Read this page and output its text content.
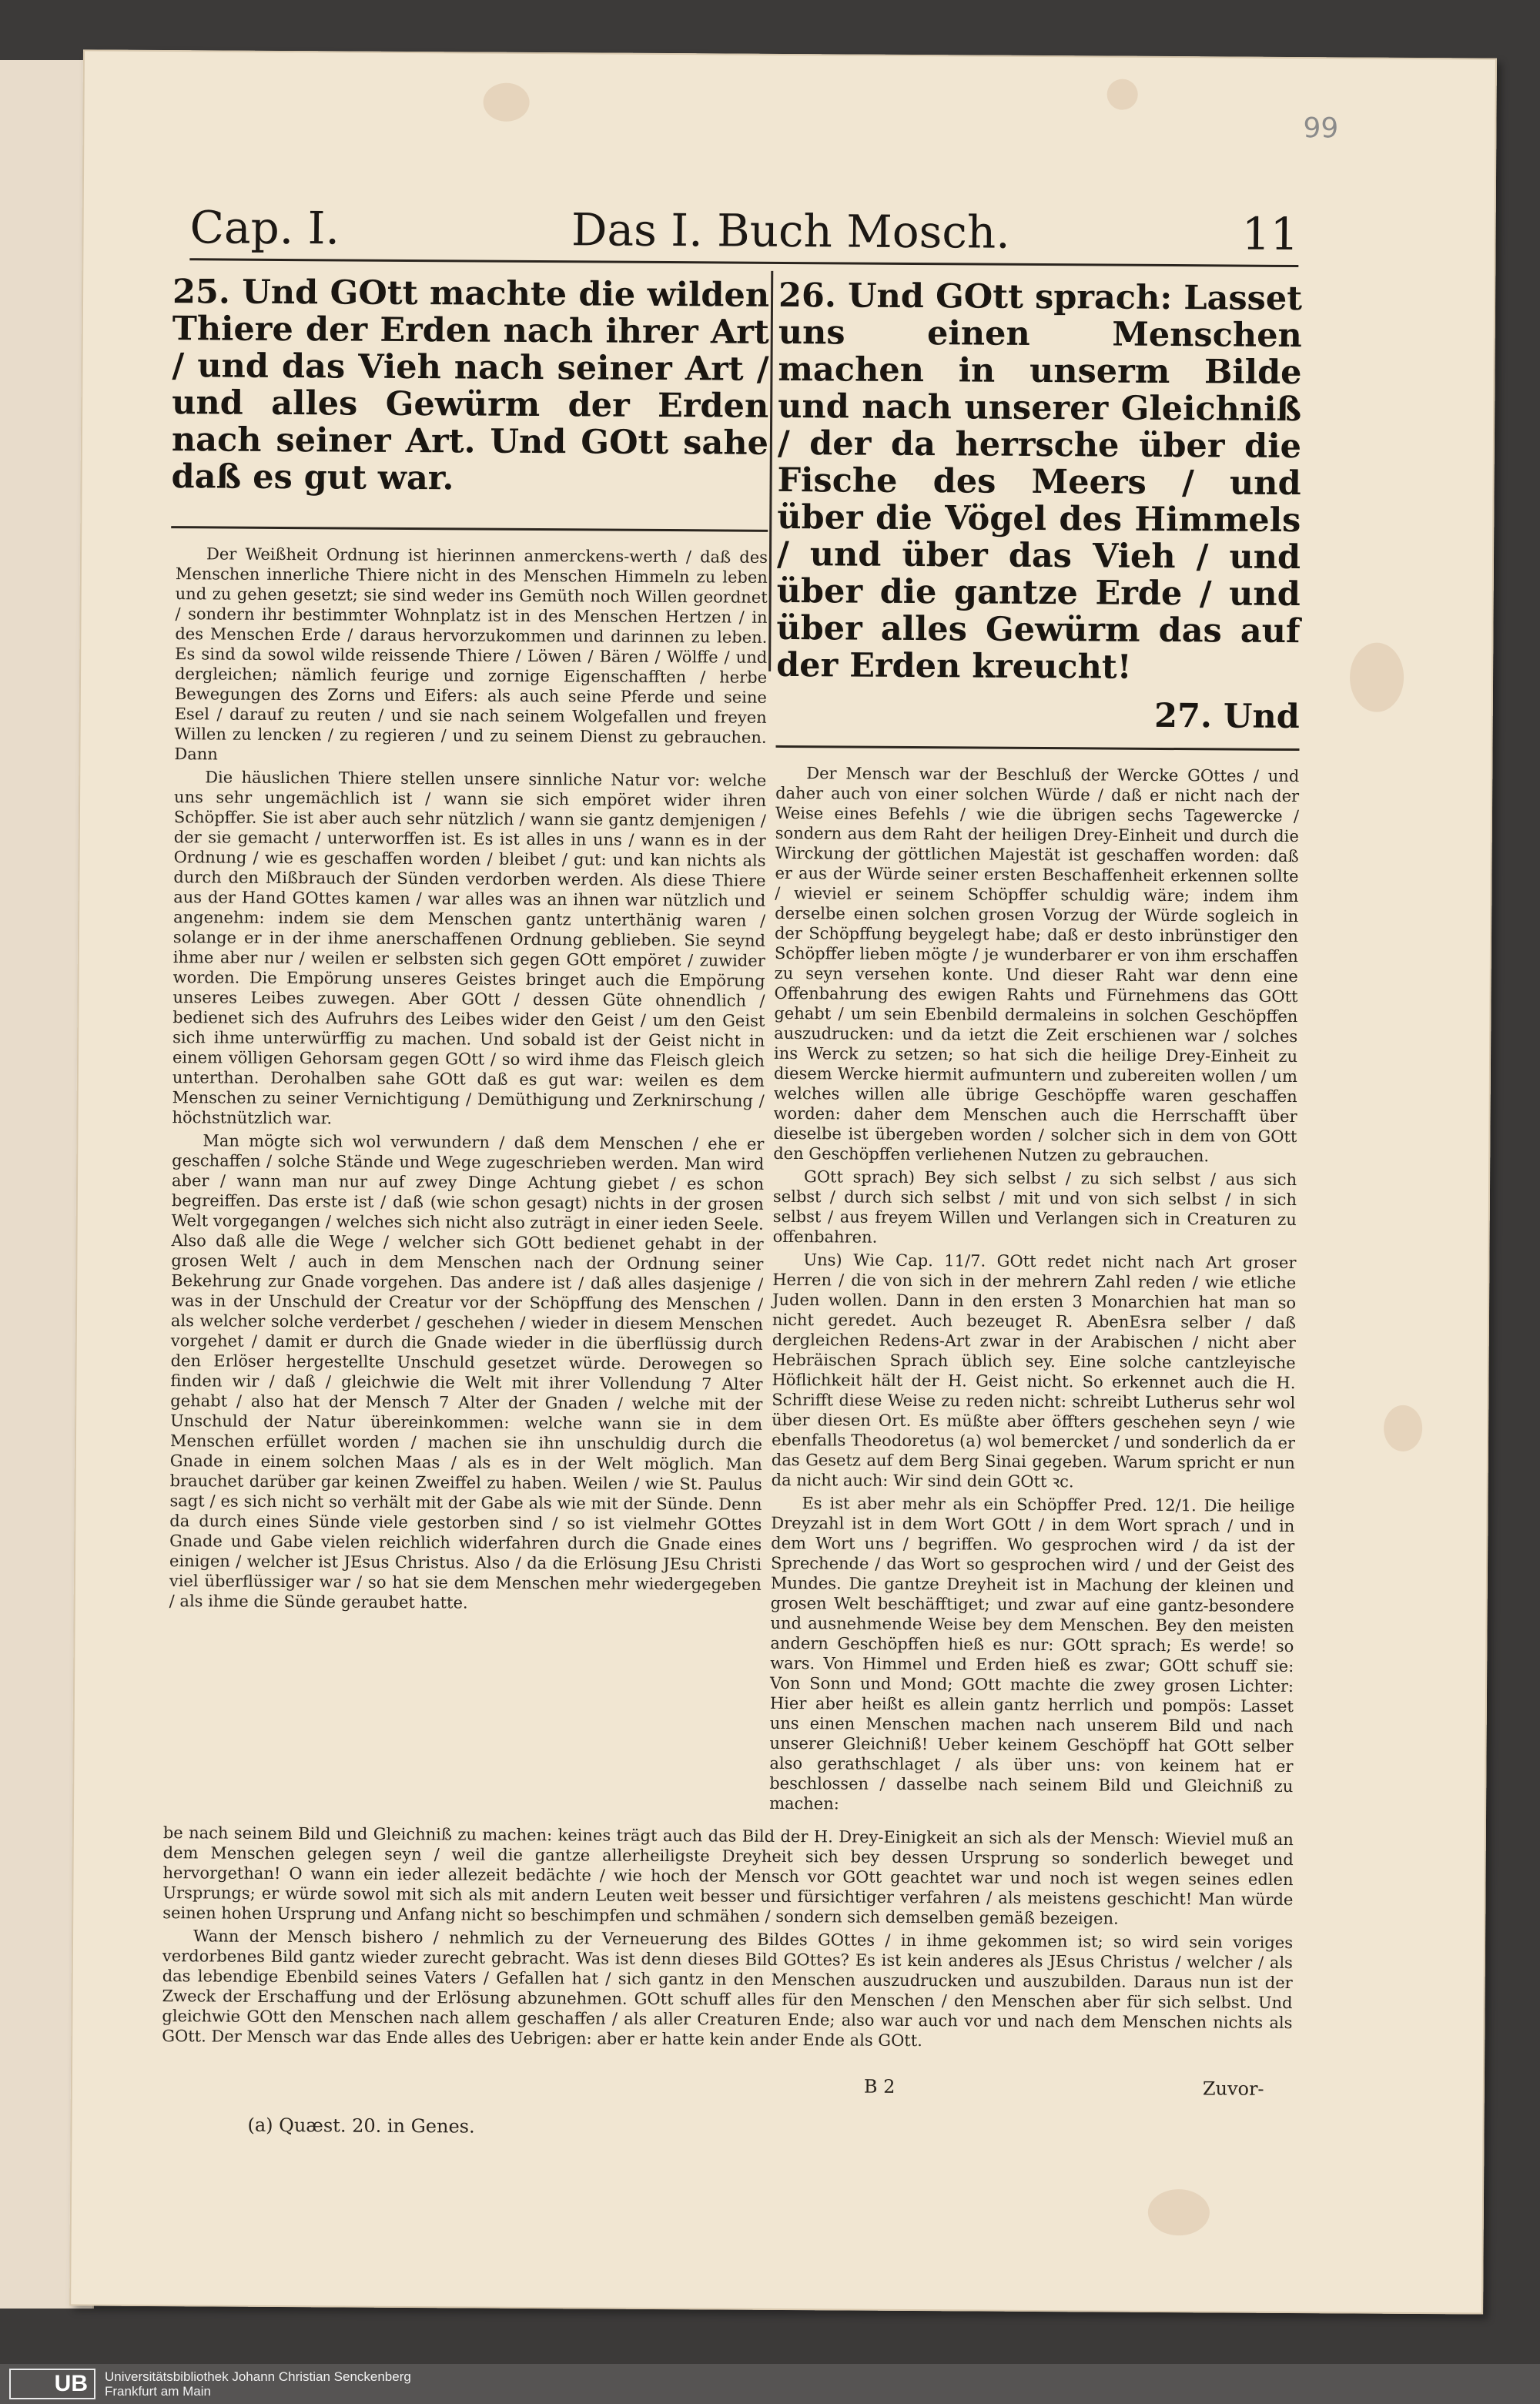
99
Cap. I.	Das I. Buch Mosch.	11

25. Und GOtt machte die wilden Thiere der Erden nach ihrer Art / und das Vieh nach seiner Art / und alles Gewürm der Erden nach seiner Art. Und GOtt sahe daß es gut war.

Der Weißheit Ordnung ist hierinnen anmerckens-werth / daß des Menschen innerliche Thiere nicht in des Menschen Himmeln zu leben und zu gehen gesetzt; sie sind weder ins Gemüth noch Willen geordnet / sondern ihr bestimmter Wohnplatz ist in des Menschen Hertzen / in des Menschen Erde / daraus hervorzukommen und darinnen zu leben. Es sind da sowol wilde reissende Thiere / Löwen / Bären / Wölffe / und dergleichen; nämlich feurige und zornige Eigenschafften / herbe Bewegungen des Zorns und Eifers: als auch seine Pferde und seine Esel / darauf zu reuten / und sie nach seinem Wolgefallen und freyen Willen zu lencken / zu regieren / und zu seinem Dienst zu gebrauchen. Dann

Die häuslichen Thiere stellen unsere sinnliche Natur vor: welche uns sehr ungemächlich ist / wann sie sich empöret wider ihren Schöpffer. Sie ist aber auch sehr nützlich / wann sie gantz demjenigen / der sie gemacht / unterworffen ist. Es ist alles in uns / wann es in der Ordnung / wie es geschaffen worden / bleibet / gut: und kan nichts als durch den Mißbrauch der Sünden verdorben werden. Als diese Thiere aus der Hand GOttes kamen / war alles was an ihnen war nützlich und angenehm: indem sie dem Menschen gantz unterthänig waren / solange er in der ihme anerschaffenen Ordnung geblieben. Sie seynd ihme aber nur / weilen er selbsten sich gegen GOtt empöret / zuwider worden. Die Empörung unseres Geistes bringet auch die Empörung unseres Leibes zuwegen. Aber GOtt / dessen Güte ohnendlich / bedienet sich des Aufruhrs des Leibes wider den Geist / um den Geist sich ihme unterwürffig zu machen. Und sobald ist der Geist nicht in einem völligen Gehorsam gegen GOtt / so wird ihme das Fleisch gleich unterthan. Derohalben sahe GOtt daß es gut war: weilen es dem Menschen zu seiner Vernichtigung / Demüthigung und Zerknirschung / höchstnützlich war.

Man mögte sich wol verwundern / daß dem Menschen / ehe er geschaffen / solche Stände und Wege zugeschrieben werden. Man wird aber / wann man nur auf zwey Dinge Achtung giebet / es schon begreiffen. Das erste ist / daß (wie schon gesagt) nichts in der grosen Welt vorgegangen / welches sich nicht also zuträgt in einer ieden Seele. Also daß alle die Wege / welcher sich GOtt bedienet gehabt in der grosen Welt / auch in dem Menschen nach der Ordnung seiner Bekehrung zur Gnade vorgehen. Das andere ist / daß alles dasjenige / was in der Unschuld der Creatur vor der Schöpffung des Menschen / als welcher solche verderbet / geschehen / wieder in diesem Menschen vorgehet / damit er durch die Gnade wieder in die überflüssig durch den Erlöser hergestellte Unschuld gesetzet würde. Derowegen so finden wir / daß / gleichwie die Welt mit ihrer Vollendung 7 Alter gehabt / also hat der Mensch 7 Alter der Gnaden / welche mit der Unschuld der Natur übereinkommen: welche wann sie in dem Menschen erfüllet worden / machen sie ihn unschuldig durch die Gnade in einem solchen Maas / als es in der Welt möglich. Man brauchet darüber gar keinen Zweiffel zu haben. Weilen / wie St. Paulus sagt / es sich nicht so verhält mit der Gabe als wie mit der Sünde. Denn da durch eines Sünde viele gestorben sind / so ist vielmehr GOttes Gnade und Gabe vielen reichlich widerfahren durch die Gnade eines einigen / welcher ist JEsus Christus. Also / da die Erlösung JEsu Christi viel überflüssiger war / so hat sie dem Menschen mehr wiedergegeben / als ihme die Sünde geraubet hatte.

26. Und GOtt sprach: Lasset uns einen Menschen machen in unserm Bilde und nach unserer Gleichniß / der da herrsche über die Fische des Meers / und über die Vögel des Himmels / und über das Vieh / und über die gantze Erde / und über alles Gewürm das auf der Erden kreucht!

27. Und

Der Mensch war der Beschluß der Wercke GOttes / und daher auch von einer solchen Würde / daß er nicht nach der Weise eines Befehls / wie die übrigen sechs Tagewercke / sondern aus dem Raht der heiligen Drey-Einheit und durch die Wirckung der göttlichen Majestät ist geschaffen worden: daß er aus der Würde seiner ersten Beschaffenheit erkennen sollte / wieviel er seinem Schöpffer schuldig wäre; indem ihm derselbe einen solchen grosen Vorzug der Würde sogleich in der Schöpffung beygelegt habe; daß er desto inbrünstiger den Schöpffer lieben mögte / je wunderbarer er von ihm erschaffen zu seyn versehen konte. Und dieser Raht war denn eine Offenbahrung des ewigen Rahts und Fürnehmens das GOtt gehabt / um sein Ebenbild dermaleins in solchen Geschöpffen auszudrucken: und da ietzt die Zeit erschienen war / solches ins Werck zu setzen; so hat sich die heilige Drey-Einheit zu diesem Wercke hiermit aufmuntern und zubereiten wollen / um welches willen alle übrige Geschöpffe waren geschaffen worden: daher dem Menschen auch die Herrschafft über dieselbe ist übergeben worden / solcher sich in dem von GOtt den Geschöpffen verliehenen Nutzen zu gebrauchen.

GOtt sprach) Bey sich selbst / zu sich selbst / aus sich selbst / durch sich selbst / mit und von sich selbst / in sich selbst / aus freyem Willen und Verlangen sich in Creaturen zu offenbahren.

Uns) Wie Cap. 11/7. GOtt redet nicht nach Art groser Herren / die von sich in der mehrern Zahl reden / wie etliche Juden wollen. Dann in den ersten 3 Monarchien hat man so nicht geredet. Auch bezeuget R. AbenEsra selber / daß dergleichen Redens-Art zwar in der Arabischen / nicht aber Hebräischen Sprach üblich sey. Eine solche cantzleyische Höflichkeit hält der H. Geist nicht. So erkennet auch die H. Schrifft diese Weise zu reden nicht: schreibt Lutherus sehr wol über diesen Ort. Es müßte aber öffters geschehen seyn / wie ebenfalls Theodoretus (a) wol bemercket / und sonderlich da er das Gesetz auf dem Berg Sinai gegeben. Warum spricht er nun da nicht auch: Wir sind dein GOtt ꝛc.

Es ist aber mehr als ein Schöpffer Pred. 12/1. Die heilige Dreyzahl ist in dem Wort GOtt / in dem Wort sprach / und in dem Wort uns / begriffen. Wo gesprochen wird / da ist der Sprechende / das Wort so gesprochen wird / und der Geist des Mundes. Die gantze Dreyheit ist in Machung der kleinen und grosen Welt beschäfftiget; und zwar auf eine gantz-besondere und ausnehmende Weise bey dem Menschen. Bey den meisten andern Geschöpffen hieß es nur: GOtt sprach; Es werde! so wars. Von Himmel und Erden hieß es zwar; GOtt schuff sie: Von Sonn und Mond; GOtt machte die zwey grosen Lichter: Hier aber heißt es allein gantz herrlich und pompös: Lasset uns einen Menschen machen nach unserem Bild und nach unserer Gleichniß! Ueber keinem Geschöpff hat GOtt selber also gerathschlaget / als über uns: von keinem hat er beschlossen / dasselbe nach seinem Bild und Gleichniß zu machen:

be nach seinem Bild und Gleichniß zu machen: keines trägt auch das Bild der H. Drey-Einigkeit an sich als der Mensch: Wieviel muß an dem Menschen gelegen seyn / weil die gantze allerheiligste Dreyheit sich bey dessen Ursprung so sonderlich beweget und hervorgethan! O wann ein ieder allezeit bedächte / wie hoch der Mensch vor GOtt geachtet war und noch ist wegen seines edlen Ursprungs; er würde sowol mit sich als mit andern Leuten weit besser und fürsichtiger verfahren / als meistens geschicht! Man würde seinen hohen Ursprung und Anfang nicht so beschimpfen und schmähen / sondern sich demselben gemäß bezeigen.

Wann der Mensch bishero / nehmlich zu der Verneuerung des Bildes GOttes / in ihme gekommen ist; so wird sein voriges verdorbenes Bild gantz wieder zurecht gebracht. Was ist denn dieses Bild GOttes? Es ist kein anderes als JEsus Christus / welcher / als das lebendige Ebenbild seines Vaters / Gefallen hat / sich gantz in den Menschen auszudrucken und auszubilden. Daraus nun ist der Zweck der Erschaffung und der Erlösung abzunehmen. GOtt schuff alles für den Menschen / den Menschen aber für sich selbst. Und gleichwie GOtt den Menschen nach allem geschaffen / als aller Creaturen Ende; also war auch vor und nach dem Menschen nichts als GOtt. Der Mensch war das Ende alles des Uebrigen: aber er hatte kein ander Ende als GOtt.

B 2	Zuvor-
(a) Quæst. 20. in Genes.
UB Universitätsbibliothek Johann Christian Senckenberg
Frankfurt am Main
